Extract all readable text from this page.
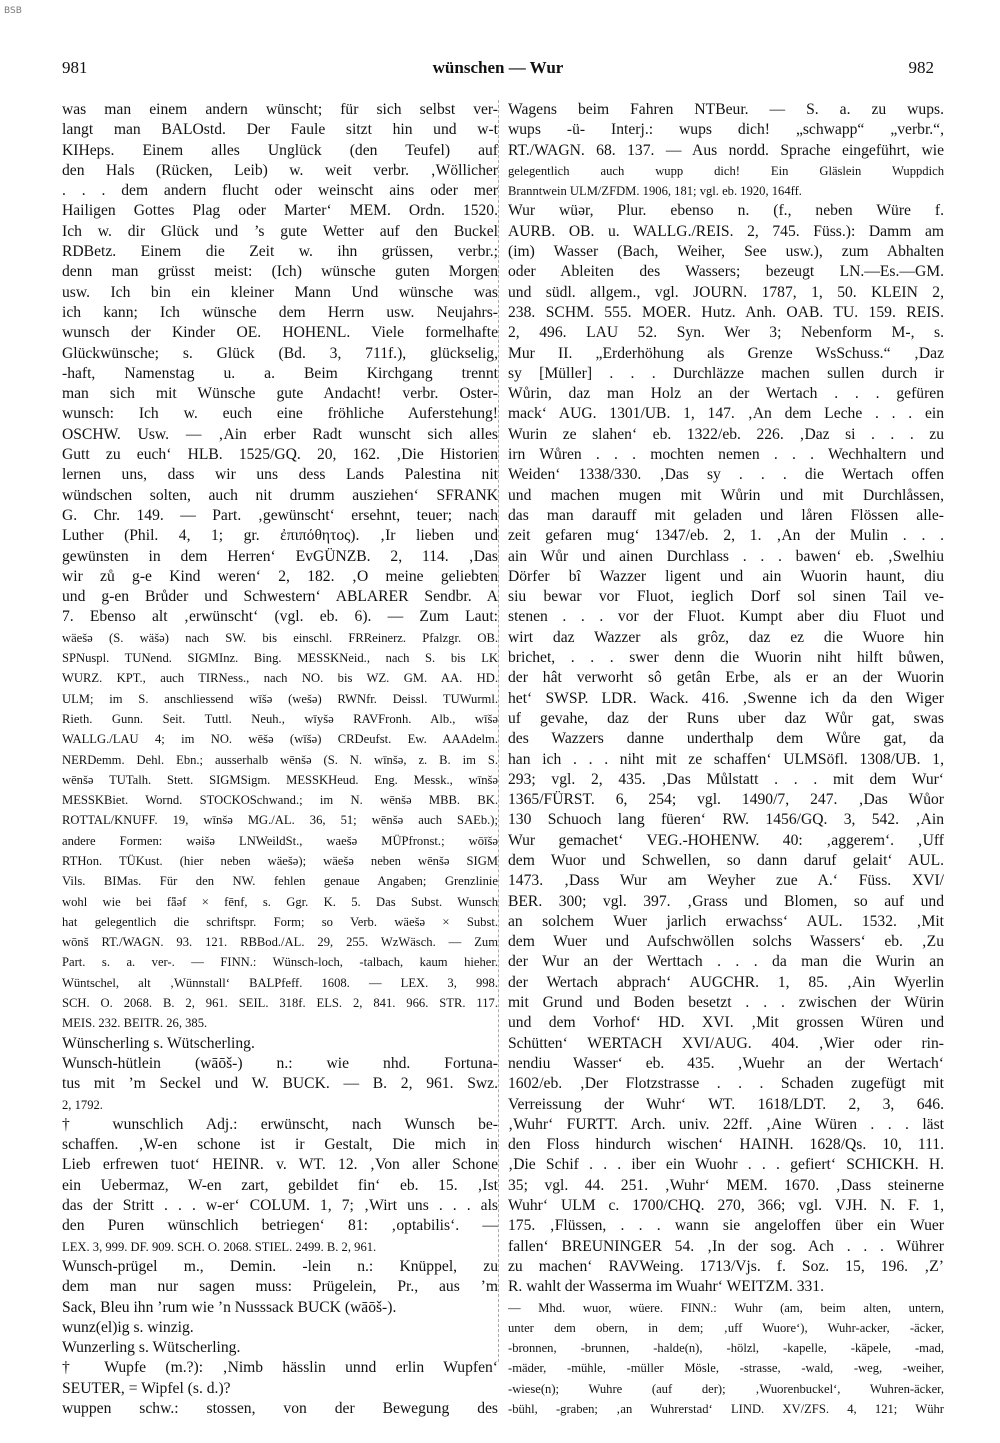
BSB
981	wünschen — Wur	982
was man einem andern wünscht; für sich selbst ver-
langt man BALOstd. Der Faule sitzt hin und w-t
KIHeps. Einem alles Unglück (den Teufel) auf
den Hals (Rücken, Leib) w. weit verbr. ‚Wöllicher
. . . dem andern flucht oder weinscht ains oder mer
Hailigen Gottes Plag oder Marter‘ MEM. Ordn. 1520.
Ich w. dir Glück und ’s gute Wetter auf den Buckel
RDBetz. Einem die Zeit w. ihn grüssen, verbr.;
denn man grüsst meist: (Ich) wünsche guten Morgen
usw. Ich bin ein kleiner Mann Und wünsche was
ich kann; Ich wünsche dem Herrn usw. Neujahrs-
wunsch der Kinder OE. HOHENL. Viele formelhafte
Glückwünsche; s. Glück (Bd. 3, 711f.), glückselig,
-haft, Namenstag u. a. Beim Kirchgang trennt
man sich mit Wünsche gute Andacht! verbr. Oster-
wunsch: Ich w. euch eine fröhliche Auferstehung!
OSCHW. Usw. — ‚Ain erber Radt wunscht sich alles
Gutt zu euch‘ HLB. 1525/GQ. 20, 162. ‚Die Historien
lernen uns, dass wir uns dess Lands Palestina nit
wündschen solten, auch nit drumm ausziehen‘ SFRANK
G. Chr. 149. — Part. ‚gewünscht‘ ersehnt, teuer; nach
Luther (Phil. 4, 1; gr. ἐπιπόθητος). ‚Ir lieben und
gewünsten in dem Herren‘ EvGÜNZB. 2, 114. ‚Das
wir zů g-e Kind weren‘ 2, 182. ‚O meine geliebten
und g-en Brůder und Schwestern‘ ABLARER Sendbr. A
7. Ebenso alt ‚erwünscht‘ (vgl. eb. 6). — Zum Laut:
wäešə (S. wäšə) nach SW. bis einschl. FRReinerz. Pfalzgr. OB.
SPNuspl. TUNend. SIGMInz. Bing. MESSKNeid., nach S. bis LK
WURZ. KPT., auch TIRNess., nach NO. bis WZ. GM. AA. HD.
ULM; im S. anschliessend wīšə (wešə) RWNfr. Deissl. TUWurml.
Rieth. Gunn. Seit. Tuttl. Neuh., wīyšə RAVFronh. Alb., wīšə
WALLG./LAU 4; im NO. wēšə (wīšə) CRDeufst. Ew. AAAdelm.
NERDemm. Dehl. Ebn.; ausserhalb wēnšə (S. N. wīnšə, z. B. im S.
wēnšə TUTalh. Stett. SIGMSigm. MESSKHeud. Eng. Messk., wīnšə
MESSKBiet. Wornd. STOCKOSchwand.; im N. wēnšə MBB. BK.
ROTTAL/KNUFF. 19, wīnšə MG./AL. 36, 51; wēnšə auch SAEb.);
andere Formen: wəišə LNWeildSt., waešə MÜPfronst.; wōīšə
RTHon. TÜKust. (hier neben wäešə); wäešə neben wēnšə SIGM
Vils. BIMas. Für den NW. fehlen genaue Angaben; Grenzlinie
wohl wie bei fǟəf × fēnf, s. Ggr. K. 5. Das Subst. Wunsch
hat gelegentlich die schriftspr. Form; so Verb. wäešə × Subst.
wōnš RT./WAGN. 93. 121. RBBod./AL. 29, 255. WzWäsch. — Zum
Part. s. a. ver-. — FINN.: Wünsch-loch, -talbach, kaum hieher.
Wüntschel, alt ‚Wünnstall‘ BALPfeff. 1608. — LEX. 3, 998.
SCH. O. 2068. B. 2, 961. SEIL. 318f. ELS. 2, 841. 966. STR. 117.
MEIS. 232. BEITR. 26, 385.
Wünscherling s. Wütscherling.
Wunsch-hütlein (wāōš-) n.: wie nhd. Fortuna-
tus mit ’m Seckel und W. BUCK. — B. 2, 961. Swz.
2, 1792.
† wunschlich Adj.: erwünscht, nach Wunsch be-
schaffen. ‚W-en schone ist ir Gestalt, Die mich in
Lieb erfrewen tuot‘ HEINR. v. WT. 12. ‚Von aller Schone
ein Uebermaz, W-en zart, gebildet fin‘ eb. 15. ‚Ist
das der Stritt . . . w-er‘ COLUM. 1, 7; ‚Wirt uns . . . als
den Puren wünschlich betriegen‘ 81: ‚optabilis‘. —
LEX. 3, 999. DF. 909. SCH. O. 2068. STIEL. 2499. B. 2, 961.
Wunsch-prügel m., Demin. -lein n.: Knüppel, zu
dem man nur sagen muss: Prügelein, Pr., aus ’m
Sack, Bleu ihn ’rum wie ’n Nusssack BUCK (wāōš-).
wunz(el)ig s. winzig.
Wunzerling s. Wütscherling.
† Wupfe (m.?): ‚Nimb hässlin unnd erlin Wupfen‘
SEUTER, = Wipfel (s. d.)?
wuppen schw.: stossen, von der Bewegung des
Wagens beim Fahren NTBeur. — S. a. zu wups.
wups -ü- Interj.: wups dich! „schwapp“ „verbr.“,
RT./WAGN. 68. 137. — Aus nordd. Sprache eingeführt, wie
gelegentlich auch wupp dich! Ein Gläslein Wuppdich
Branntwein ULM/ZFDM. 1906, 181; vgl. eb. 1920, 164ff.
Wur wüər, Plur. ebenso n. (f., neben Würe f.
AURB. OB. u. WALLG./REIS. 2, 745. Füss.): Damm am
(im) Wasser (Bach, Weiher, See usw.), zum Abhalten
oder Ableiten des Wassers; bezeugt LN.—Es.—GM.
und südl. allgem., vgl. JOURN. 1787, 1, 50. KLEIN 2,
238. SCHM. 555. MOER. Hutz. Anh. OAB. TU. 159. REIS.
2, 496. LAU 52. Syn. Wer 3; Nebenform M-, s.
Mur II. „Erderhöhung als Grenze WsSchuss.“ ‚Daz
sy [Müller] . . . Durchläzze machen sullen durch ir
Wůrin, daz man Holz an der Wertach . . . gefüren
mack‘ AUG. 1301/UB. 1, 147. ‚An dem Leche . . . ein
Wurin ze slahen‘ eb. 1322/eb. 226. ‚Daz si . . . zu
irn Wůren . . . mochten nemen . . . Wechhaltern und
Weiden‘ 1338/330. ‚Das sy . . . die Wertach offen
und machen mugen mit Wůrin und mit Durchlåssen,
das man darauff mit geladen und låren Flössen alle-
zeit gefaren mug‘ 1347/eb. 2, 1. ‚An der Mulin . . .
ain Wůr und ainen Durchlass . . . bawen‘ eb. ‚Swelhiu
Dörfer bî Wazzer ligent und ain Wuorin haunt, diu
siu bewar vor Fluot, ieglich Dorf sol sinen Tail ve-
stenen . . . vor der Fluot. Kumpt aber diu Fluot und
wirt daz Wazzer als grôz, daz ez die Wuore hin
brichet, . . . swer denn die Wuorin niht hilft bůwen,
der hât verworht sô getân Erbe, als er an der Wuorin
het‘ SWSP. LDR. Wack. 416. ‚Swenne ich da den Wiger
uf gevahe, daz der Runs uber daz Wůr gat, swas
des Wazzers danne underthalp dem Wůre gat, da
han ich . . . niht mit ze schaffen‘ ULMSöfl. 1308/UB. 1,
293; vgl. 2, 435. ‚Das Můlstatt . . . mit dem Wur‘
1365/FÜRST. 6, 254; vgl. 1490/7, 247. ‚Das Wůor
130 Schuoch lang füeren‘ RW. 1456/GQ. 3, 542. ‚Ain
Wur gemachet‘ VEG.-HOHENW. 40: ‚aggerem‘. ‚Uff
dem Wuor und Schwellen, so dann daruf gelait‘ AUL.
1473. ‚Dass Wur am Weyher zue A.‘ Füss. XVI/
BER. 300; vgl. 397. ‚Grass und Blomen, so auf und
an solchem Wuer jarlich erwachss‘ AUL. 1532. ‚Mit
dem Wuer und Aufschwöllen solchs Wassers‘ eb. ‚Zu
der Wur an der Werttach . . . da man die Wurin an
der Wertach abprach‘ AUGCHR. 1, 85. ‚Ain Wyerlin
mit Grund und Boden besetzt . . . zwischen der Würin
und dem Vorhof‘ HD. XVI. ‚Mit grossen Würen und
Schütten‘ WERTACH XVI/AUG. 404. ‚Wier oder rin-
nendiu Wasser‘ eb. 435. ‚Wuehr an der Wertach‘
1602/eb. ‚Der Flotzstrasse . . . Schaden zugefügt mit
Verreissung der Wuhr‘ WT. 1618/LDT. 2, 3, 646.
‚Wuhr‘ FURTT. Arch. univ. 22ff. ‚Aine Würen . . . läst
den Floss hindurch wischen‘ HAINH. 1628/Qs. 10, 111.
‚Die Schif . . . iber ein Wuohr . . . gefiert‘ SCHICKH. H.
35; vgl. 44. 251. ‚Wuhr‘ MEM. 1670. ‚Dass steinerne
Wuhr‘ ULM c. 1700/CHQ. 270, 366; vgl. VJH. N. F. 1,
175. ‚Flüssen, . . . wann sie angeloffen über ein Wuer
fallen‘ BREUNINGER 54. ‚In der sog. Ach . . . Wührer
zu machen‘ RAVWeing. 1713/Vjs. f. Soz. 15, 196. ‚Z’
R. wahlt der Wasserma im Wuahr‘ WEITZM. 331.
— Mhd. wuor, wüere. FINN.: Wuhr (am, beim alten, untern,
unter dem obern, in dem; ‚uff Wuore‘), Wuhr-acker, -äcker,
-bronnen, -brunnen, -halde(n), -hölzl, -kapelle, -käpele, -mad,
-mäder, -mühle, -müller Mösle, -strasse, -wald, -weg, -weiher,
-wiese(n); Wuhre (auf der); ‚Wuorenbuckel‘, Wuhren-äcker,
-bühl, -graben; ‚an Wuhrerstad‘ LIND. XV/ZFS. 4, 121; Wühr
